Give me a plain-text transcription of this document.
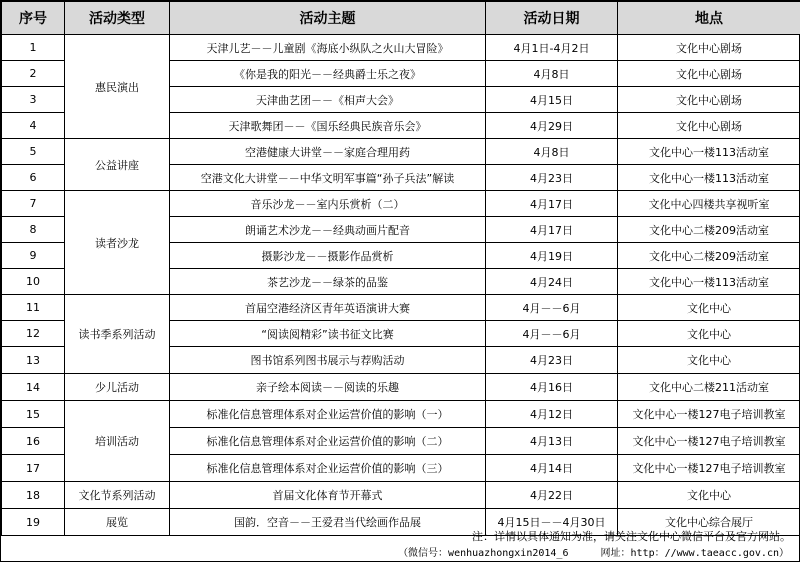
序号	活动类型	活动主题	活动日期	地点
1	惠民演出	天津儿艺－－儿童剧《海底小纵队之火山大冒险》	4月1日-4月2日	文化中心剧场
2		《你是我的阳光－－经典爵士乐之夜》	4月8日	文化中心剧场
3		天津曲艺团－－《相声大会》	4月15日	文化中心剧场
4		天津歌舞团－－《国乐经典民族音乐会》	4月29日	文化中心剧场
5	公益讲座	空港健康大讲堂－－家庭合理用药	4月8日	文化中心一楼113活动室
6		空港文化大讲堂－－中华文明军事篇“孙子兵法”解读	4月23日	文化中心一楼113活动室
7	读者沙龙	音乐沙龙－－室内乐赏析（二）	4月17日	文化中心四楼共享视听室
8		朗诵艺术沙龙－－经典动画片配音	4月17日	文化中心二楼209活动室
9		摄影沙龙－－摄影作品赏析	4月19日	文化中心二楼209活动室
10		茶艺沙龙－－绿茶的品鉴	4月24日	文化中心一楼113活动室
11	读书季系列活动	首届空港经济区青年英语演讲大赛	4月－－6月	文化中心
12		“阅读阅精彩”读书征文比赛	4月－－6月	文化中心
13		图书馆系列图书展示与荐购活动	4月23日	文化中心
14	少儿活动	亲子绘本阅读－－阅读的乐趣	4月16日	文化中心二楼211活动室
15	培训活动	标准化信息管理体系对企业运营价值的影响（一）	4月12日	文化中心一楼127电子培训教室
16		标准化信息管理体系对企业运营价值的影响（二）	4月13日	文化中心一楼127电子培训教室
17		标准化信息管理体系对企业运营价值的影响（三）	4月14日	文化中心一楼127电子培训教室
18	文化节系列活动	首届文化体育节开幕式	4月22日	文化中心
19	展览	国韵．空音－－王爱君当代绘画作品展	4月15日－－4月30日	文化中心综合展厅
注：详情以具体通知为准，请关注文化中心微信平台及官方网站。
（微信号：wenhuazhongxin2014_6	网址：http：//www.taeacc.gov.cn）
